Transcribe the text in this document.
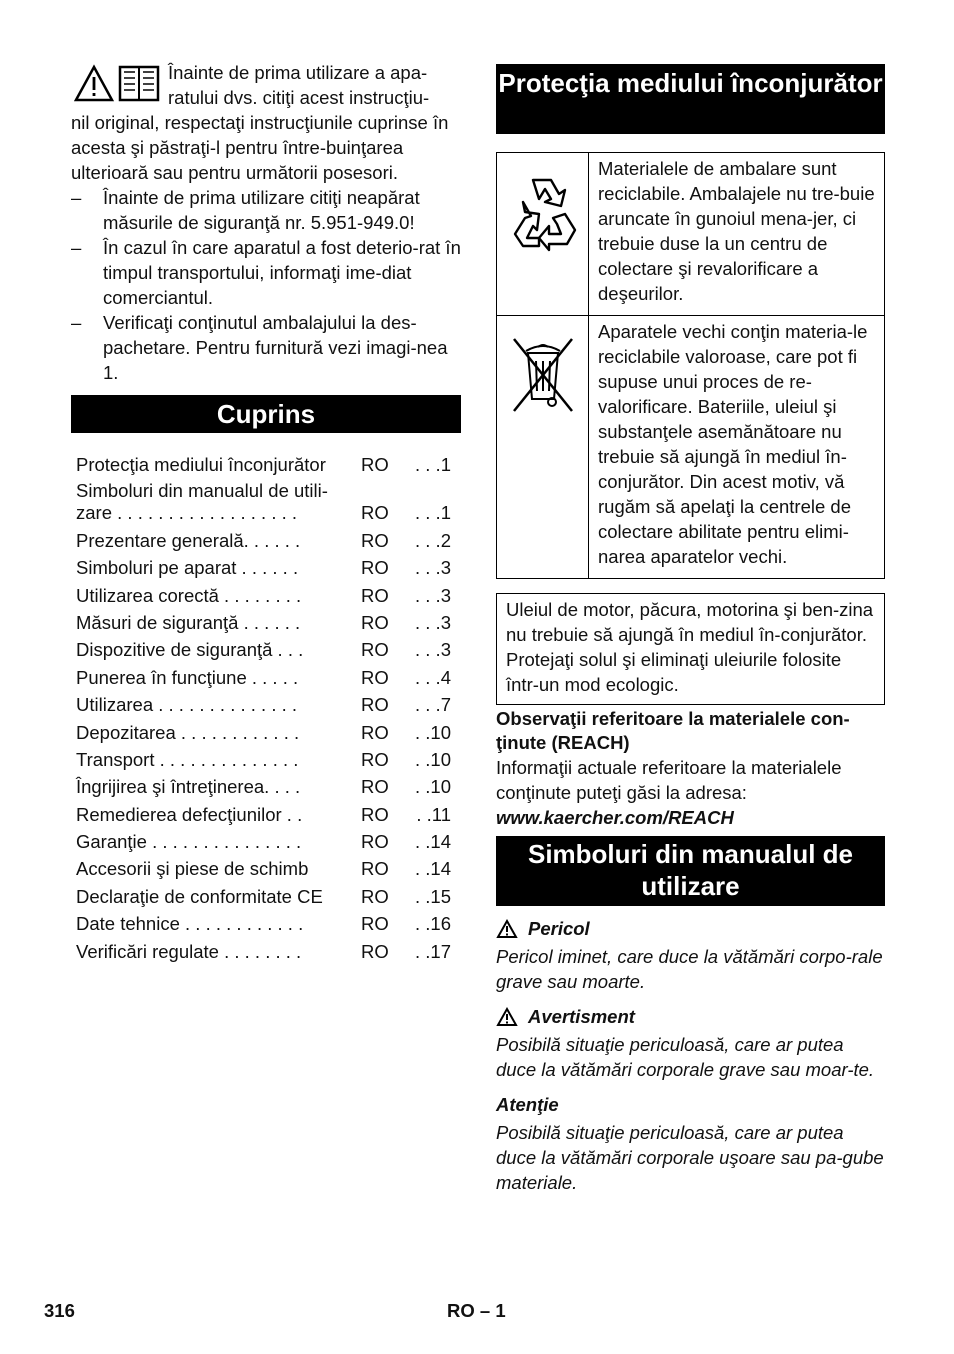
Înainte de prima utilizare a apa-
ratului dvs. citiţi acest instrucţiu-
nil original, respectaţi instrucţiunile cuprinse în acesta şi păstraţi-l pentru între-buinţarea ulterioară sau pentru următorii posesori.

– Înainte de prima utilizare citiţi neapărat măsurile de siguranţă nr. 5.951-949.0!
– În cazul în care aparatul a fost deterio-rat în timpul transportului, informaţi ime-diat comerciantul.
– Verificaţi conţinutul ambalajului la des-pachetare. Pentru furnitură vezi imagi-nea 1.
Cuprins
Protecţia mediului înconjurător	RO	. . .1
Simboluri din manualul de utili-zare . . . . . . . . . . . . . . . . . .	RO	. . .1
Prezentare generală. . . . . .	RO	. . .2
Simboluri pe aparat . . . . . .	RO	. . .3
Utilizarea corectă . . . . . . . .	RO	. . .3
Măsuri de siguranţă . . . . . .	RO	. . .3
Dispozitive de siguranţă . . .	RO	. . .3
Punerea în funcţiune . . . . .	RO	. . .4
Utilizarea . . . . . . . . . . . . . .	RO	. . .7
Depozitarea . . . . . . . . . . . .	RO	. .10
Transport . . . . . . . . . . . . . .	RO	. .10
Îngrijirea şi întreţinerea. . . .	RO	. .10
Remedierea defecţiunilor . .	RO	. .11
Garanţie . . . . . . . . . . . . . . .	RO	. .14
Accesorii şi piese de schimb	RO	. .14
Declaraţie de conformitate CE	RO	. .15
Date tehnice . . . . . . . . . . . .	RO	. .16
Verificări regulate . . . . . . . .	RO	. .17
Protecţia mediului înconjurător
	Materialele de ambalare sunt reciclabile. Ambalajele nu tre-buie aruncate în gunoiul mena-jer, ci trebuie duse la un centru de colectare şi revalorificare a deşeurilor.
	Aparatele vechi conţin materia-le reciclabile valoroase, care pot fi supuse unui proces de re-valorificare. Bateriile, uleiul şi substanţele asemănătoare nu trebuie să ajungă în mediul în-conjurător. Din acest motiv, vă rugăm să apelaţi la centrele de colectare abilitate pentru elimi-narea aparatelor vechi.
Uleiul de motor, păcura, motorina şi ben-zina nu trebuie să ajungă în mediul în-conjurător. Protejaţi solul şi eliminaţi uleiurile folosite într-un mod ecologic.
Observaţii referitoare la materialele con-ţinute (REACH)
Informaţii actuale referitoare la materialele conţinute puteţi găsi la adresa:
www.kaercher.com/REACH
Simboluri din manualul de utilizare
Pericol
Pericol iminet, care duce la vătămări corpo-rale grave sau moarte.
Avertisment
Posibilă situaţie periculoasă, care ar putea duce la vătămări corporale grave sau moar-te.
Atenţie
Posibilă situaţie periculoasă, care ar putea duce la vătămări corporale uşoare sau pa-gube materiale.
316	RO – 1
